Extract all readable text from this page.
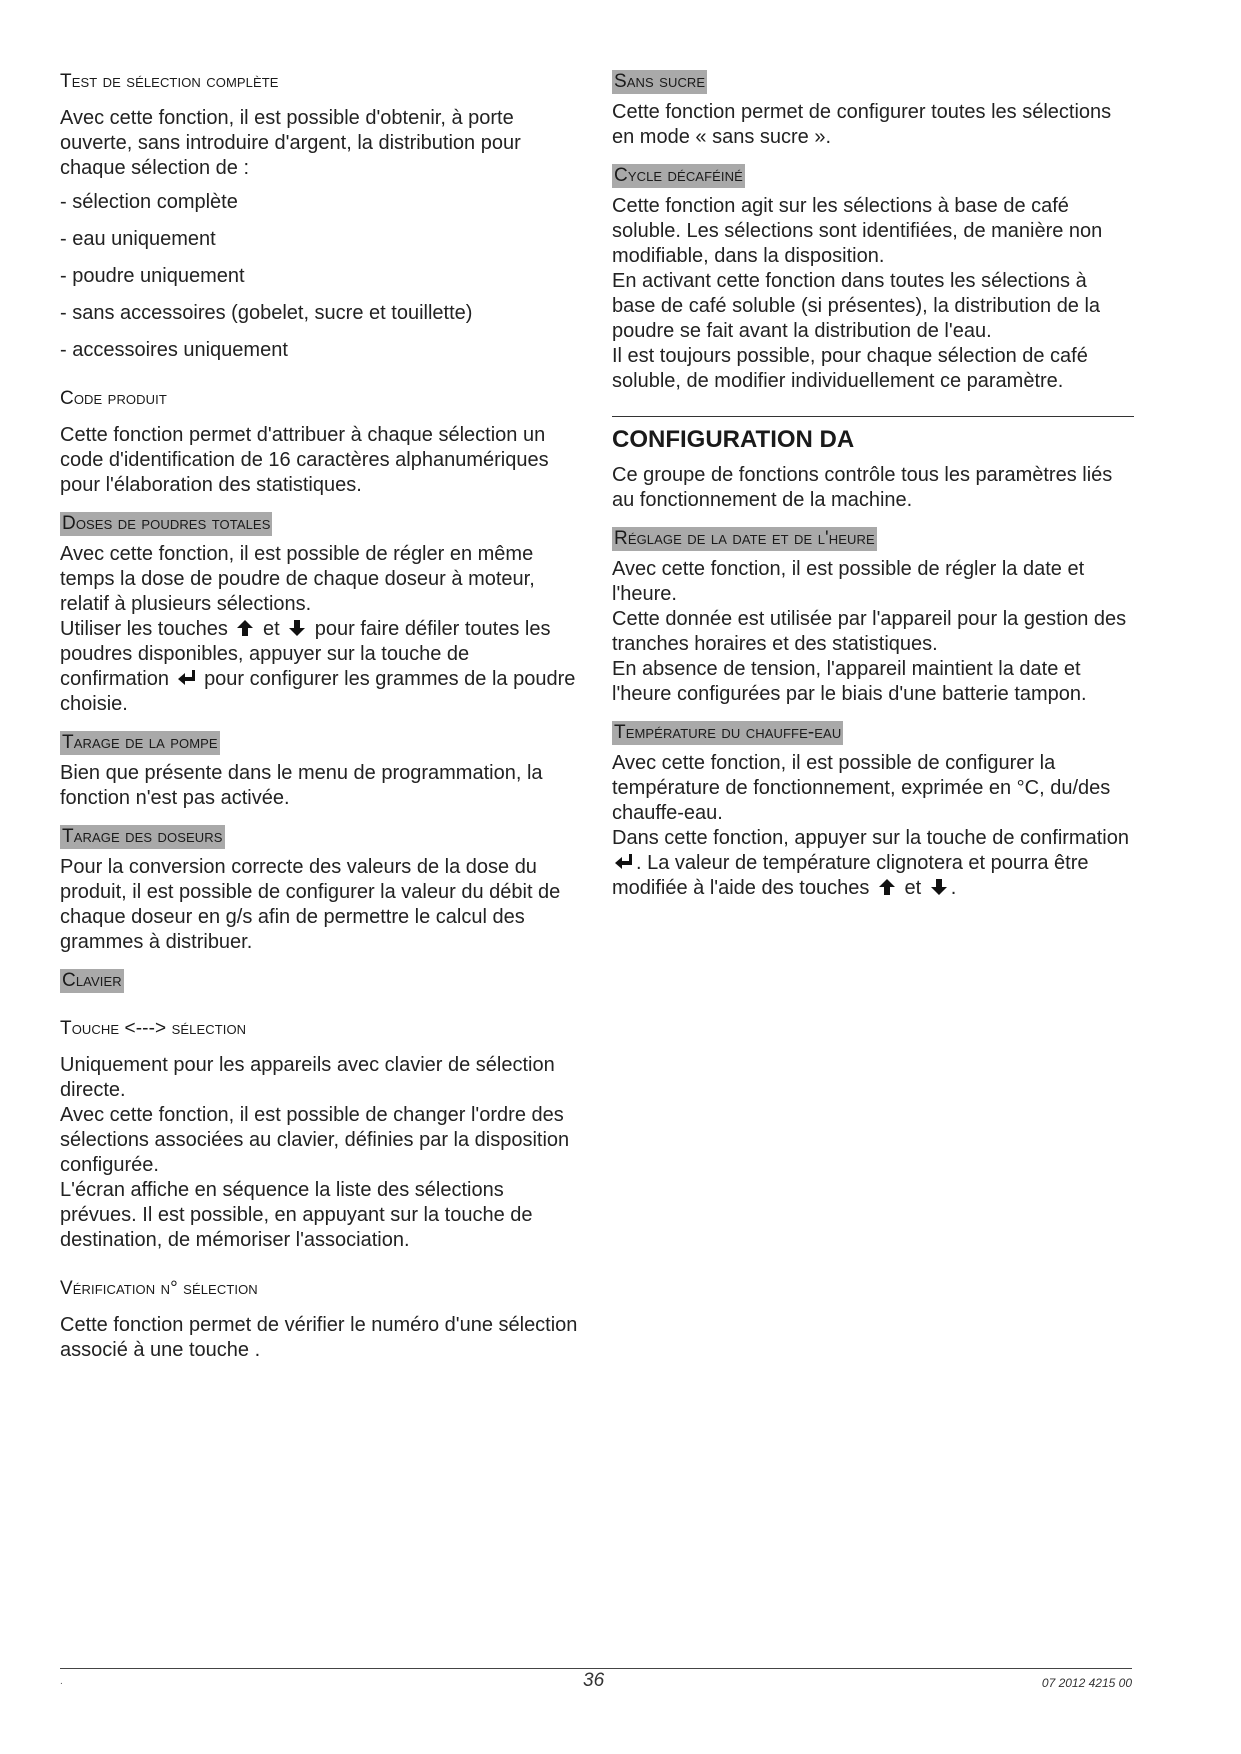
Test de sélection complète

Avec cette fonction, il est possible d'obtenir, à porte ouverte, sans introduire d'argent, la distribution pour chaque sélection de :

- sélection complète
- eau uniquement
- poudre uniquement
- sans accessoires (gobelet, sucre et touillette)
- accessoires uniquement
Code produit

Cette fonction permet d'attribuer à chaque sélection un code d'identification de 16 caractères alphanumériques pour l'élaboration des statistiques.

Doses de poudres totales

Avec cette fonction, il est possible de régler en même temps la dose de poudre de chaque doseur à moteur, relatif à plusieurs sélections.

Utiliser les touches et pour faire défiler toutes les poudres disponibles, appuyer sur la touche de confirmation pour configurer les grammes de la poudre choisie.

Tarage de la pompe

Bien que présente dans le menu de programmation, la fonction n'est pas activée.

Tarage des doseurs

Pour la conversion correcte des valeurs de la dose du produit, il est possible de configurer la valeur du débit de chaque doseur en g/s afin de permettre le calcul des grammes à distribuer.

Clavier
Touche <---> sélection

Uniquement pour les appareils avec clavier de sélection directe.

Avec cette fonction, il est possible de changer l'ordre des sélections associées au clavier, définies par la disposition configurée.

L'écran affiche en séquence la liste des sélections prévues. Il est possible, en appuyant sur la touche de destination, de mémoriser l'association.

Vérification n° sélection

Cette fonction permet de vérifier le numéro d'une sélection associé à une touche .

Sans sucre

Cette fonction permet de configurer toutes les sélections en mode « sans sucre ».

Cycle décaféiné

Cette fonction agit sur les sélections à base de café soluble. Les sélections sont identifiées, de manière non modifiable, dans la disposition.

En activant cette fonction dans toutes les sélections à base de café soluble (si présentes), la distribution de la poudre se fait avant la distribution de l'eau.

Il est toujours possible, pour chaque sélection de café soluble, de modifier individuellement ce paramètre.

CONFIGURATION DA

Ce groupe de fonctions contrôle tous les paramètres liés au fonctionnement de la machine.

Réglage de la date et de l'heure

Avec cette fonction, il est possible de régler la date et l'heure.

Cette donnée est utilisée par l'appareil pour la gestion des tranches horaires et des statistiques.

En absence de tension, l'appareil maintient la date et l'heure configurées par le biais d'une batterie tampon.

Température du chauffe-eau

Avec cette fonction, il est possible de configurer la température de fonctionnement, exprimée en °C, du/des chauffe-eau.

Dans cette fonction, appuyer sur la touche de confirmation . La valeur de température clignotera et pourra être modifiée à l'aide des touches et .

.	36	07 2012 4215 00
